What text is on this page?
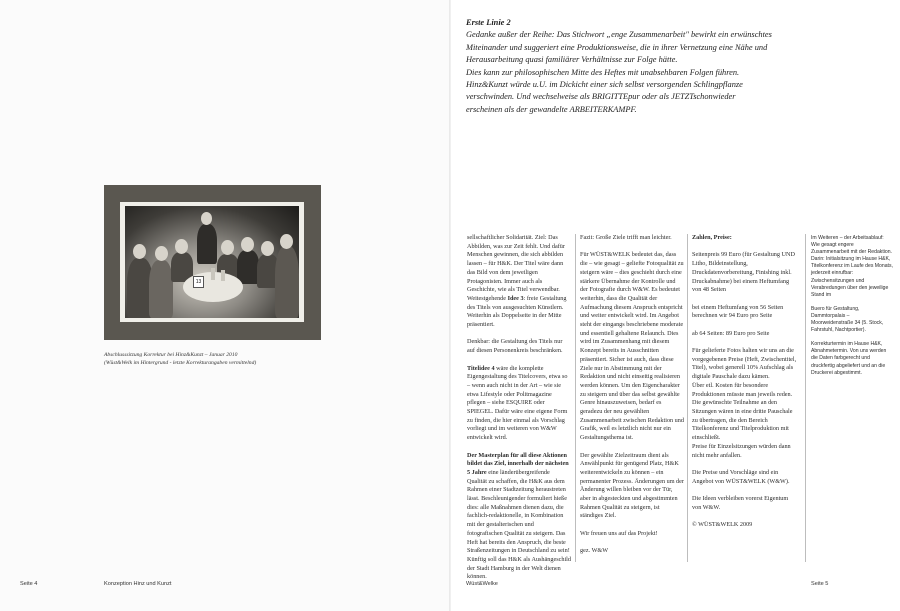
Erste Linie 2

Gedanke außer der Reihe: Das Stichwort „enge Zusammenarbeit" bewirkt ein erwünschtes

Miteinander und suggeriert eine Produktionsweise, die in ihrer Vernetzung eine Nähe und

Herausarbeitung quasi familiärer Verhältnisse zur Folge hätte.

Dies kann zur philosophischen Mitte des Heftes mit unabsehbaren Folgen führen.

Hinz&Kunzt würde u.U. im Dickicht einer sich selbst versorgenden Schlingpflanze

verschwinden. Und wechselweise als BRIGITTEpur oder als JETZTschonwieder

erscheinen als der gewandelte ARBEITERKAMPF.

13
Abschlusssitzung Korrektur bei Hinz&Kunzt – Januar 2010
(Wüst&Welk im Hintergrund - letzte Korrekturangaben vermittelnd)

sellschaftlicher Solidarität. Ziel: Das Abbilden, was zur Zeit fehlt. Und dafür Menschen gewinnen, die sich abbilden lassen – für H&K. Der Titel wäre dann das Bild von dem jeweiligen Protagonisten. Immer auch als Geschichte, wie als Titel verwendbar. Weitestgehende Idee 3: freie Gestaltung des Titels von ausgesuchten Künstlern. Weiterhin als Doppelseite in der Mitte präsentiert.

Denkbar: die Gestaltung des Titels nur auf diesen Personenkreis beschränken.

Titelidee 4 wäre die komplette Eigengestaltung des Titelcovers, etwa so – wenn auch nicht in der Art – wie sie etwa Lifestyle oder Politmagazine pflegen – siehe ESQUIRE oder SPIEGEL. Dafür wäre eine eigene Form zu finden, die hier einmal als Vorschlag vorliegt und im weiteren von W&W entwickelt wird.

Der Masterplan für all diese Aktionen bildet das Ziel, innerhalb der nächsten 5 Jahre eine länderübergreifende Qualität zu schaffen, die H&K aus dem Rahmen einer Stadtzeitung heraustreten lässt. Beschleunigender formuliert hieße dies: alle Maßnahmen dienen dazu, die fachlich-redaktionelle, in Kombination mit der gestalterischen und fotografischen Qualität zu steigern. Das Heft hat bereits den Anspruch, die beste Straßenzeitungen in Deutschland zu sein! Künftig soll das H&K als Aushängeschild der Stadt Hamburg in der Welt dienen können.

Fazit: Große Ziele trifft man leichter.

Für WÜST&WELK bedeutet das, dass die – wie gesagt – geliefte Fotoqualität zu steigern wäre – dies geschieht durch eine stärkere Übernahme der Kontrolle und der Fotografie durch W&W. Es bedeutet weiterhin, dass die Qualität der Aufmachung diesem Anspruch entspricht und weiter entwickelt wird. Im Angebot steht der eingangs beschriebene moderate und essentiell gehaltene Relaunch. Dies wird im Zusammenhang mit diesem Konzept bereits in Ausschnitten präsentiert. Sicher ist auch, dass diese Ziele nur in Abstimmung mit der Redaktion und nicht einseitig realisieren werden können. Um den Eigencharakter zu steigern und über das selbst gewählte Genre hinauszuweisen, bedarf es geradezu der neu gewählten Zusammenarbeit zwischen Redaktion und Grafik, weil es letztlich nicht nur ein Gestaltungsthema ist.

Der gewählte Zielzeitraum dient als Anwählpunkt für genügend Platz, H&K weiterentwickeln zu können – ein permanenter Prozess. Änderungen um der Änderung willen bleiben vor der Tür, aber in abgesteckten und abgestimmten Rahmen Qualität zu steigern, ist ständiges Ziel.

Wir freuen uns auf das Projekt!

gez. W&W

Zahlen, Preise:

Seitenpreis 99 Euro (für Gestaltung UND Litho, Bildeinstellung, Druckdatenvorbereitung, Finishing inkl. Druckabnahme) bei einem Heftumfang von 48 Seiten

bei einem Heftumfang von 56 Seiten berechnen wir 94 Euro pro Seite

ab 64 Seiten: 89 Euro pro Seite

Für gelieferte Fotos halten wir uns an die vorgegebenen Preise (Heft, Zwischentitel, Titel), wobei generell 10% Aufschlag als digitale Pauschale dazu kämen.

Über etl. Kosten für besondere Produktionen müsste man jeweils reden. Die gewünschte Teilnahme an den Sitzungen wären in eine dritte Pauschale zu übertragen, die den Bereich Titelkonferenz und Titelproduktion mit einschließt.

Preise für Einzelsitzungen würden dann nicht mehr anfallen.

Die Preise und Vorschläge sind ein Angebot von WÜST&WELK (W&W).

Die Ideen verbleiben vorerst Eigentum von W&W.

© WÜST&WELK 2009

Im Weiteren – der Arbeitsablauf: Wie gesagt engere Zusammenarbeit mit der Redaktion.

Darin: Initialsitzung im Hause H&K, Titelkonferenz im Laufe des Monats, jederzeit einrufbar: Zwischensitzungen und Verabredungen über den jeweilige Stand im

Buero für Gestaltung, Dammtorpalais – Moorweidenstraße 34 (5. Stock, Fahrstuhl, Nachtportier).

Korrekturtermin im Hause H&K, Abnahmetermin. Von uns werden die Daten farbgerecht und druckfertig abgeliefert und an die Druckerei abgestimmt.

Seite 4	Konzeption Hinz und Kunzt	Wüst&Welke	Seite 5
